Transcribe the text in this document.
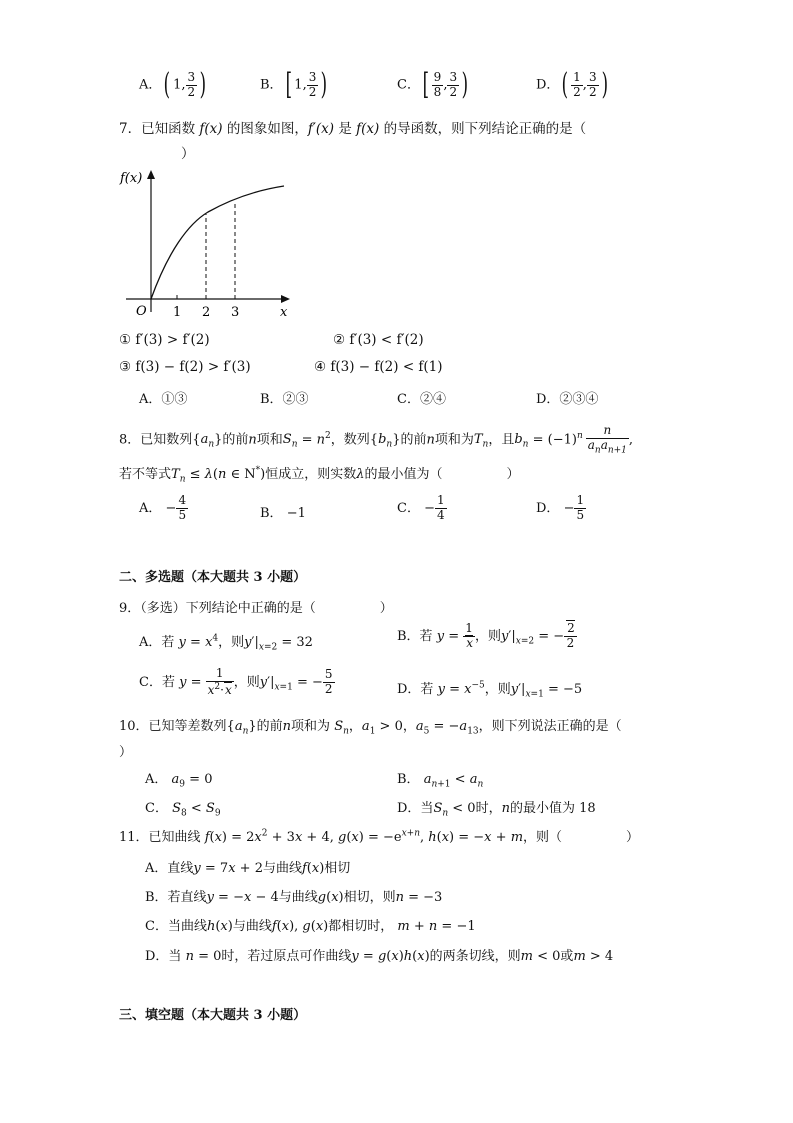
A．( 1, $\frac{3}{2}$ )	B．[ 1, $\frac{3}{2}$ )	C．[ $\frac{9}{8}$ , $\frac{3}{2}$ )	D．( $\frac{1}{2}$ , $\frac{3}{2}$ )
7．已知函数 f(x) 的图象如图，f′(x) 是 f(x) 的导函数，则下列结论正确的是（
）
f(x)
O 1 2 3	x
① f′(3) > f′(2)	② f′(3) < f′(2)
③ f(3) − f(2) > f′(3)	④ f(3) − f(2) < f(1)
A．①③	B．②③	C．②④	D．②③④
8．已知数列$\{a_n\}$的前n项和$S_n = n^2$，数列$\{b_n\}$的前n项和为$T_n$，且$b_n = (-1)^n \frac{n}{a_na_{n+1}}$ ,
若不等式$T_n \le \lambda(n$ ∈ N*)恒成立，则实数λ的最小值为（	）
A． − $\frac{4}{5}$	B． −1	C． − $\frac{1}{4}$	D． − $\frac{1}{5}$
二、多选题（本大题共 3 小题）
9．（多选）下列结论中正确的是（	）
A．若 $y = x^4$，则$y'|_{x=2} = 32$	B．若 $y = \frac{1}{x}$ ，则$y'|_{x=2}$ = − $\frac{2}{2}$
C．若 $y = \frac{1}{x^2\cdot x}$ ，则$y'|_{x=1}$ = − $\frac{5}{2}$	D．若 $y = x^{-5}$，则$y'|_{x=1} = -5$
10．已知等差数列$\{a_n\}$的前n项和为 $S_n$，$a_1 > 0$，$a_5 = -a_{13}$，则下列说法正确的是（
）
A． $a_9 = 0$	B． $a_{n+1} < a_n$
C． $S_8 < S_9$	D．当$S_n < 0$时，n的最小值为 18
11．已知曲线 $f(x) = 2x^2 + 3x + 4$, $g(x) = -e^{x+n}$, h(x) = −x + m，则（	）
A．直线y = 7x + 2与曲线f(x)相切
B．若直线y = −x − 4与曲线g(x)相切，则n = −3
C．当曲线h(x)与曲线f(x), g(x)都相切时， m + n = −1
D．当 n = 0时，若过原点可作曲线y = g(x)h(x)的两条切线，则m < 0或m > 4
三、填空题（本大题共 3 小题）
